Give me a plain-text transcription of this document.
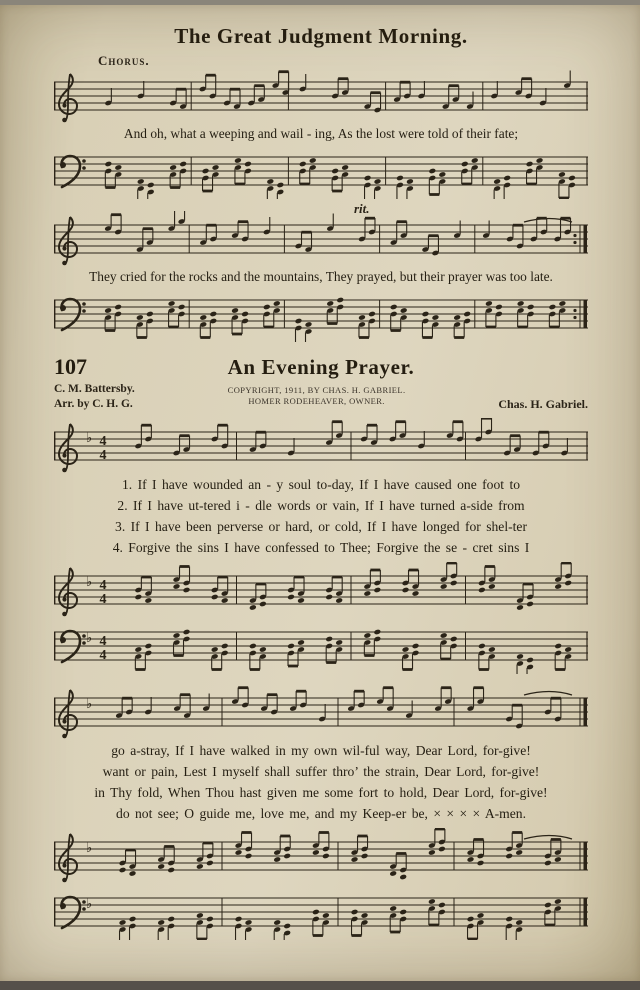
The Great Judgment Morning.
Chorus.
And oh, what a weeping and wail - ing, As the lost were told of their fate;
rit.
They cried for the rocks and the mountains, They prayed, but their prayer was too late.
107	An Evening Prayer.
C. M. Battersby.
Arr. by C. H. G.
COPYRIGHT, 1911, BY CHAS. H. GABRIEL.
HOMER RODEHEAVER, OWNER.	Chas. H. Gabriel.
♭ 4
4
1. If I have wounded an - y soul to-day, If I have caused one foot to
2. If I have ut-tered i - dle words or vain, If I have turned a-side from
3. If I have been perverse or hard, or cold, If I have longed for shel-ter
4. Forgive the sins I have confessed to Thee; Forgive the se - cret sins I
♭ 4
4
♭ 4
4
♭
go a-stray, If I have walked in my own wil-ful way, Dear Lord, for-give!
want or pain, Lest I myself shall suffer thro’ the strain, Dear Lord, for-give!
in Thy fold, When Thou hast given me some fort to hold, Dear Lord, for-give!
do not see; O guide me, love me, and my Keep-er be, × × × × A-men.
♭
♭
